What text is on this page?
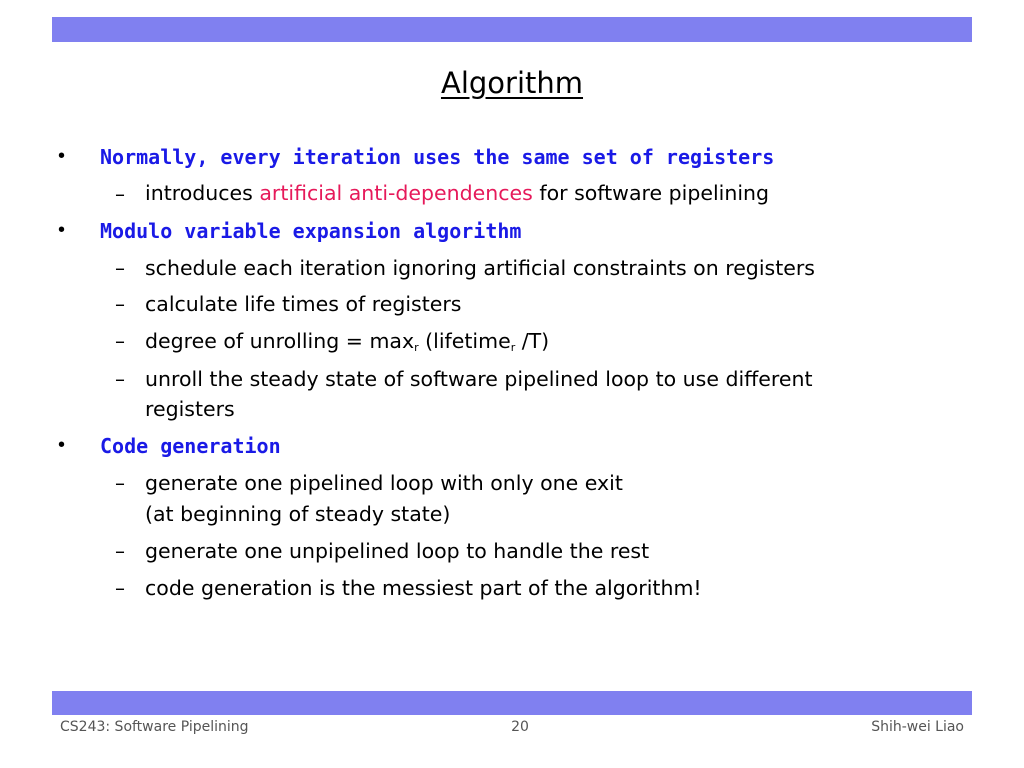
Algorithm
• Normally, every iteration uses the same set of registers
– introduces artificial anti-dependences for software pipelining
• Modulo variable expansion algorithm
– schedule each iteration ignoring artificial constraints on registers
– calculate life times of registers
– degree of unrolling = $\max_r$ (lifetime$_r$ /T)
– unroll the steady state of software pipelined loop to use different
registers
• Code generation
– generate one pipelined loop with only one exit
(at beginning of steady state)
– generate one unpipelined loop to handle the rest
– code generation is the messiest part of the algorithm!
CS243: Software Pipelining	20	Shih-wei Liao
